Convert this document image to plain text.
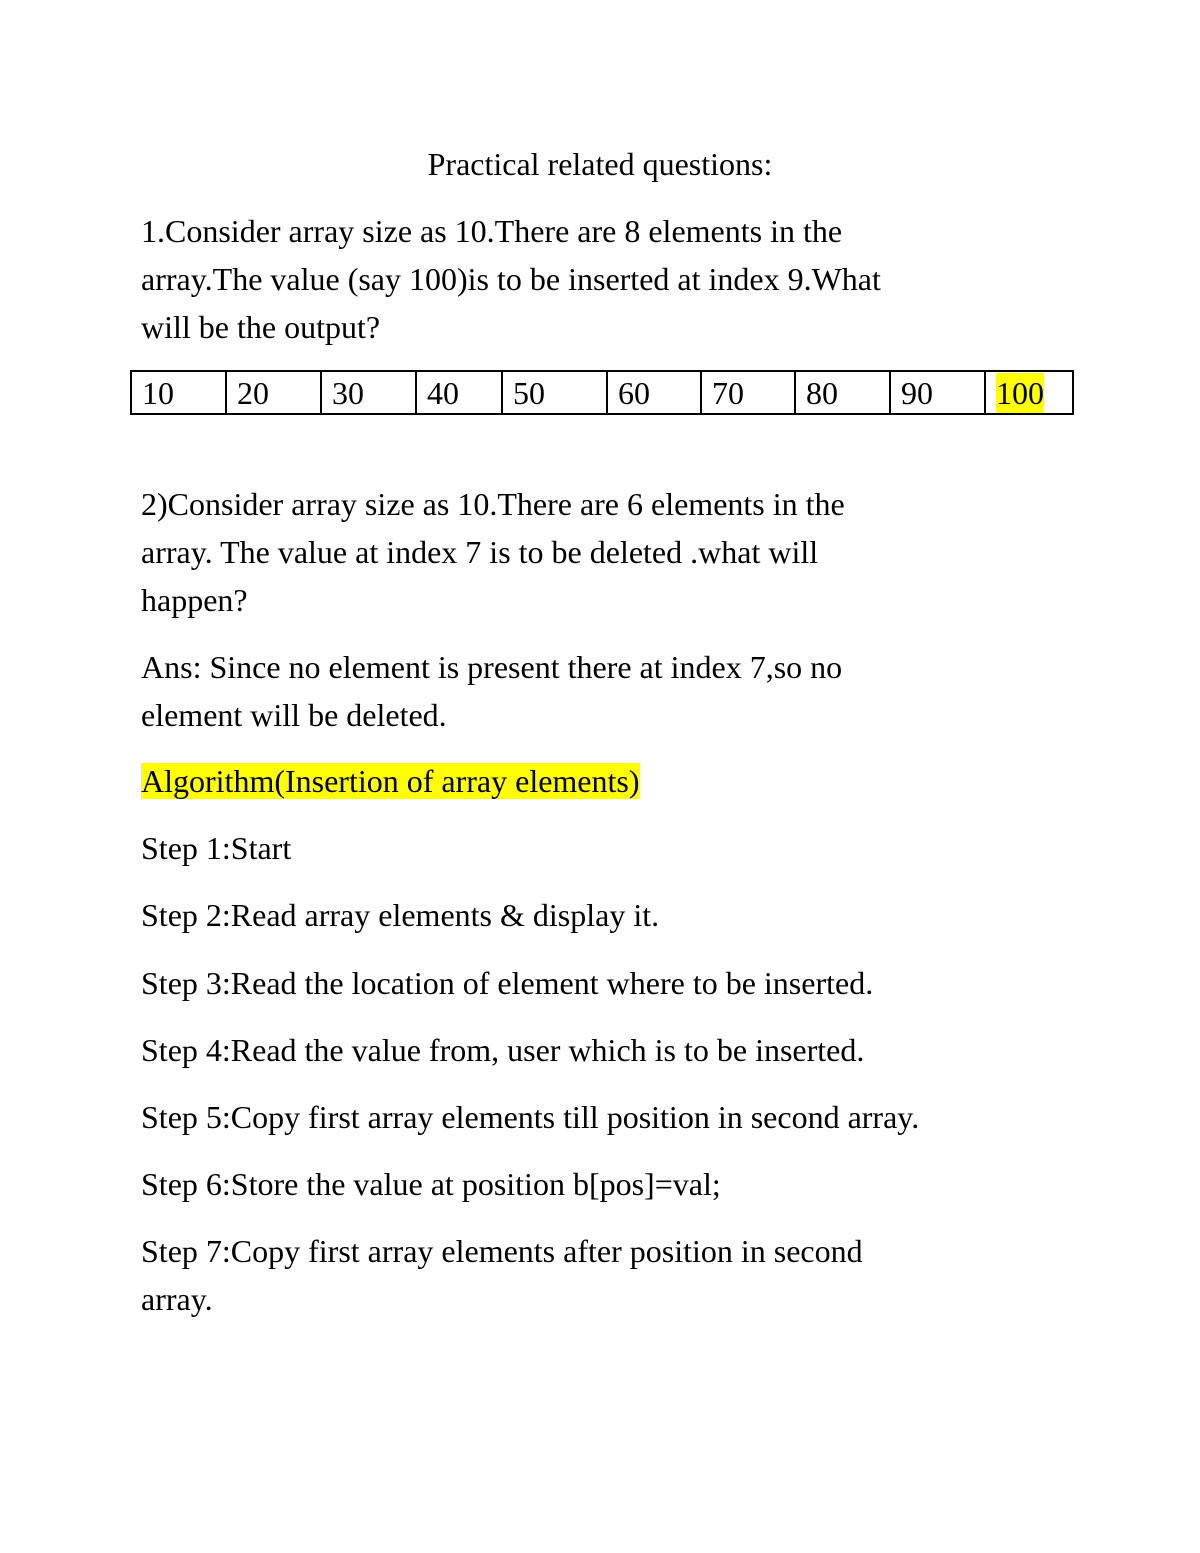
Practical related questions:
1.Consider array size as 10.There are 8 elements in the
array.The value (say 100)is to be inserted at index 9.What
will be the output?
10	20	30	40	50	60	70	80	90	100
2)Consider array size as 10.There are 6 elements in the
array. The value at index 7 is to be deleted .what will
happen?
Ans: Since no element is present there at index 7,so no
element will be deleted.
Algorithm(Insertion of array elements)
Step 1:Start
Step 2:Read array elements & display it.
Step 3:Read the location of element where to be inserted.
Step 4:Read the value from, user which is to be inserted.
Step 5:Copy first array elements till position in second array.
Step 6:Store the value at position b[pos]=val;
Step 7:Copy first array elements after position in second
array.
